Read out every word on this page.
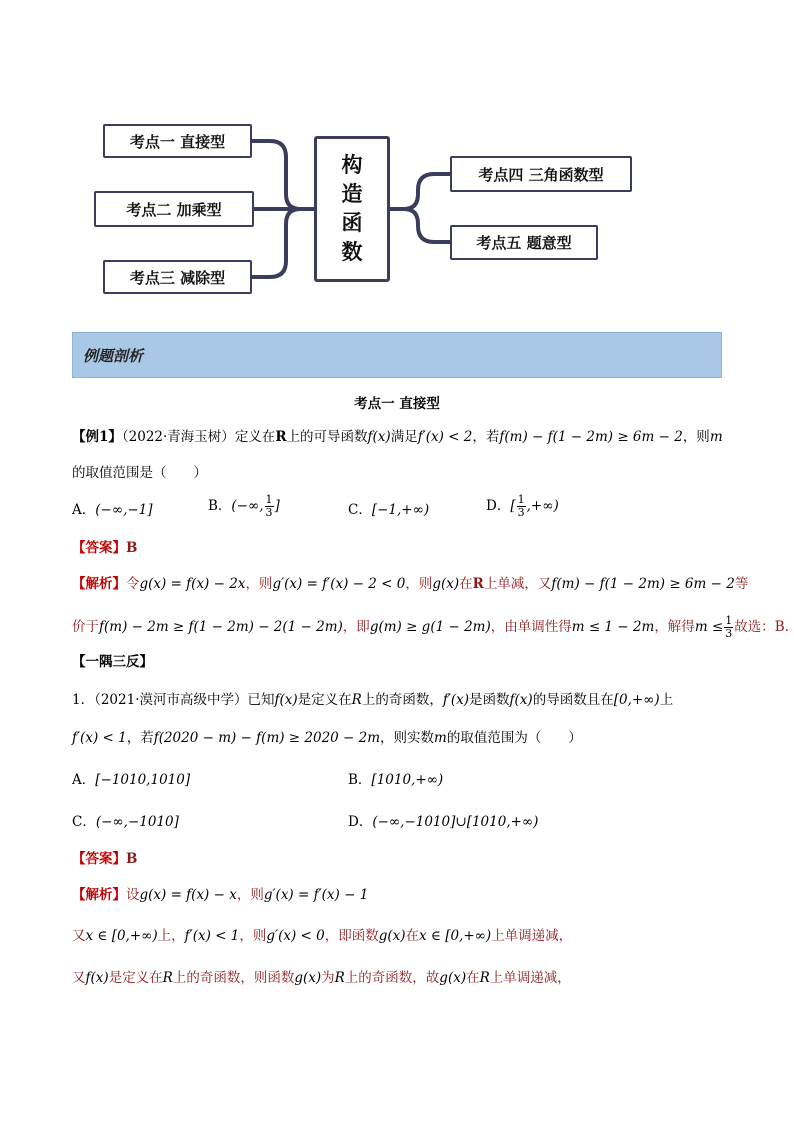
考点一 直接型
考点二 加乘型
考点三 减除型
构
造
函
数
考点四 三角函数型
考点五 题意型
例题剖析
考点一 直接型
【例1】（2022·青海玉树）定义在R上的可导函数f(x)满足f′(x) < 2，若f(m) − f(1 − 2m) ≥ 6m − 2，则m
的取值范围是（　　）
A．(−∞,−1]	B．(−∞, $\frac{1}{3}$ ]	C．[−1,+∞)	D．[ $\frac{1}{3}$ ,+∞)
【答案】B
【解析】令g(x) = f(x) − 2x，则g′(x) = f′(x) − 2 < 0，则g(x)在R上单减，又f(m) − f(1 − 2m) ≥ 6m − 2等
价于f(m) − 2m ≥ f(1 − 2m) − 2(1 − 2m)，即g(m) ≥ g(1 − 2m)，由单调性得m ≤ 1 − 2m，解得$m \le \frac{1}{3}$ 故选：B.
【一隅三反】
1．（2021·漠河市高级中学）已知f(x)是定义在R上的奇函数，f′(x)是函数f(x)的导函数且在[0,+∞)上
f′(x) < 1，若f(2020 − m) − f(m) ≥ 2020 − 2m，则实数m的取值范围为（　　）
A．[−1010,1010]	B．[1010,+∞)
C．(−∞,−1010]	D．(−∞,−1010]∪[1010,+∞)
【答案】B
【解析】设g(x) = f(x) − x，则g′(x) = f′(x) − 1
又x ∈ [0,+∞)上，f′(x) < 1，则g′(x) < 0，即函数g(x)在x ∈ [0,+∞)上单调递减，
又f(x)是定义在R上的奇函数，则函数g(x)为R上的奇函数，故g(x)在R上单调递减，
